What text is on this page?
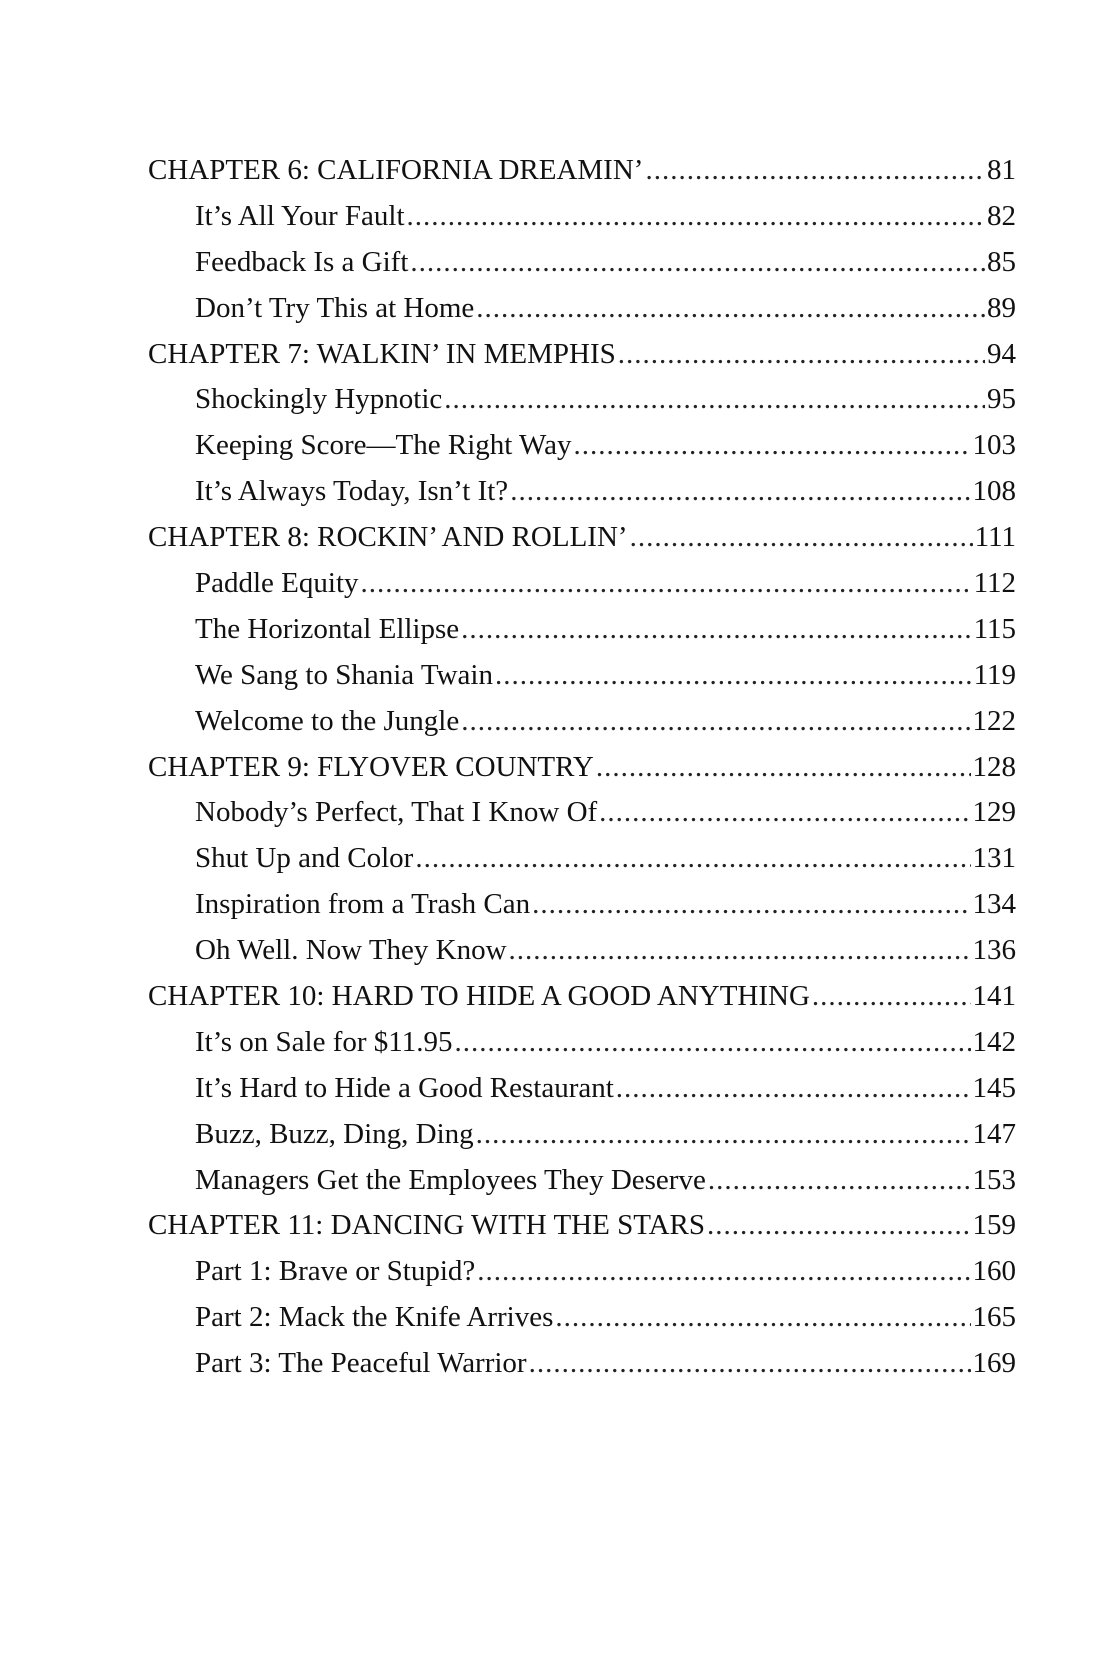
CHAPTER 6: CALIFORNIA DREAMIN’ .....	81
It’s All Your Fault .....	82
Feedback Is a Gift .....	85
Don’t Try This at Home .....	89
CHAPTER 7: WALKIN’ IN MEMPHIS .....	94
Shockingly Hypnotic .....	95
Keeping Score—The Right Way .....	103
It’s Always Today, Isn’t It? .....	108
CHAPTER 8: ROCKIN’ AND ROLLIN’ .....	111
Paddle Equity .....	112
The Horizontal Ellipse .....	115
We Sang to Shania Twain .....	119
Welcome to the Jungle .....	122
CHAPTER 9: FLYOVER COUNTRY .....	128
Nobody’s Perfect, That I Know Of .....	129
Shut Up and Color .....	131
Inspiration from a Trash Can .....	134
Oh Well. Now They Know .....	136
CHAPTER 10: HARD TO HIDE A GOOD ANYTHING .....	141
It’s on Sale for $11.95 .....	142
It’s Hard to Hide a Good Restaurant .....	145
Buzz, Buzz, Ding, Ding .....	147
Managers Get the Employees They Deserve .....	153
CHAPTER 11: DANCING WITH THE STARS .....	159
Part 1: Brave or Stupid? .....	160
Part 2: Mack the Knife Arrives .....	165
Part 3: The Peaceful Warrior .....	169
